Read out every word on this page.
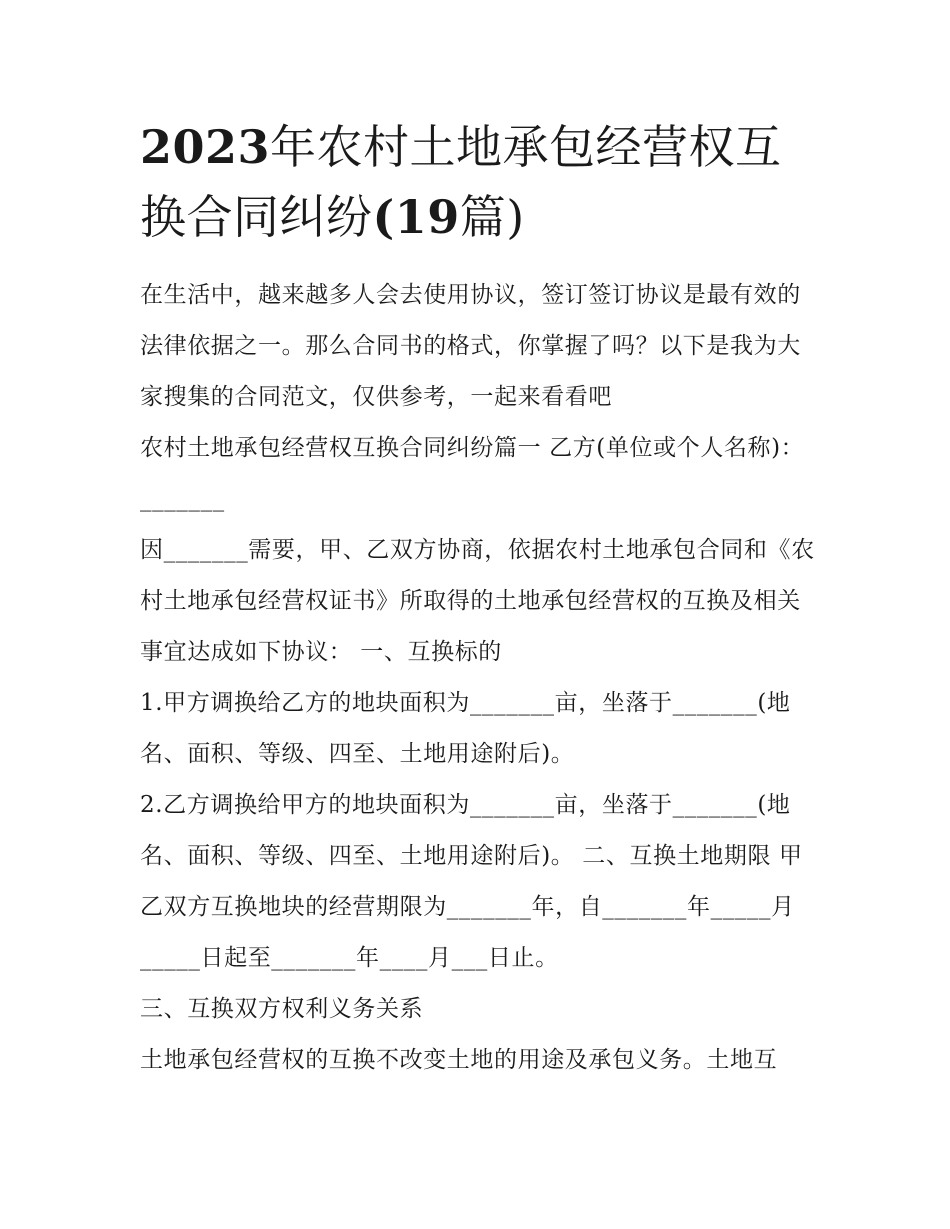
2023年农村土地承包经营权互换合同纠纷(19篇)

在生活中，越来越多人会去使用协议，签订签订协议是最有效的法律依据之一。那么合同书的格式，你掌握了吗？以下是我为大家搜集的合同范文，仅供参考，一起来看看吧

农村土地承包经营权互换合同纠纷篇一 乙方(单位或个人名称)：_______

因_______需要，甲、乙双方协商，依据农村土地承包合同和《农村土地承包经营权证书》所取得的土地承包经营权的互换及相关事宜达成如下协议： 一、互换标的

1.甲方调换给乙方的地块面积为_______亩，坐落于_______(地名、面积、等级、四至、土地用途附后)。

2.乙方调换给甲方的地块面积为_______亩，坐落于_______(地名、面积、等级、四至、土地用途附后)。 二、互换土地期限 甲乙双方互换地块的经营期限为_______年，自_______年_____月_____日起至_______年____月___日止。

三、互换双方权利义务关系

土地承包经营权的互换不改变土地的用途及承包义务。土地互
